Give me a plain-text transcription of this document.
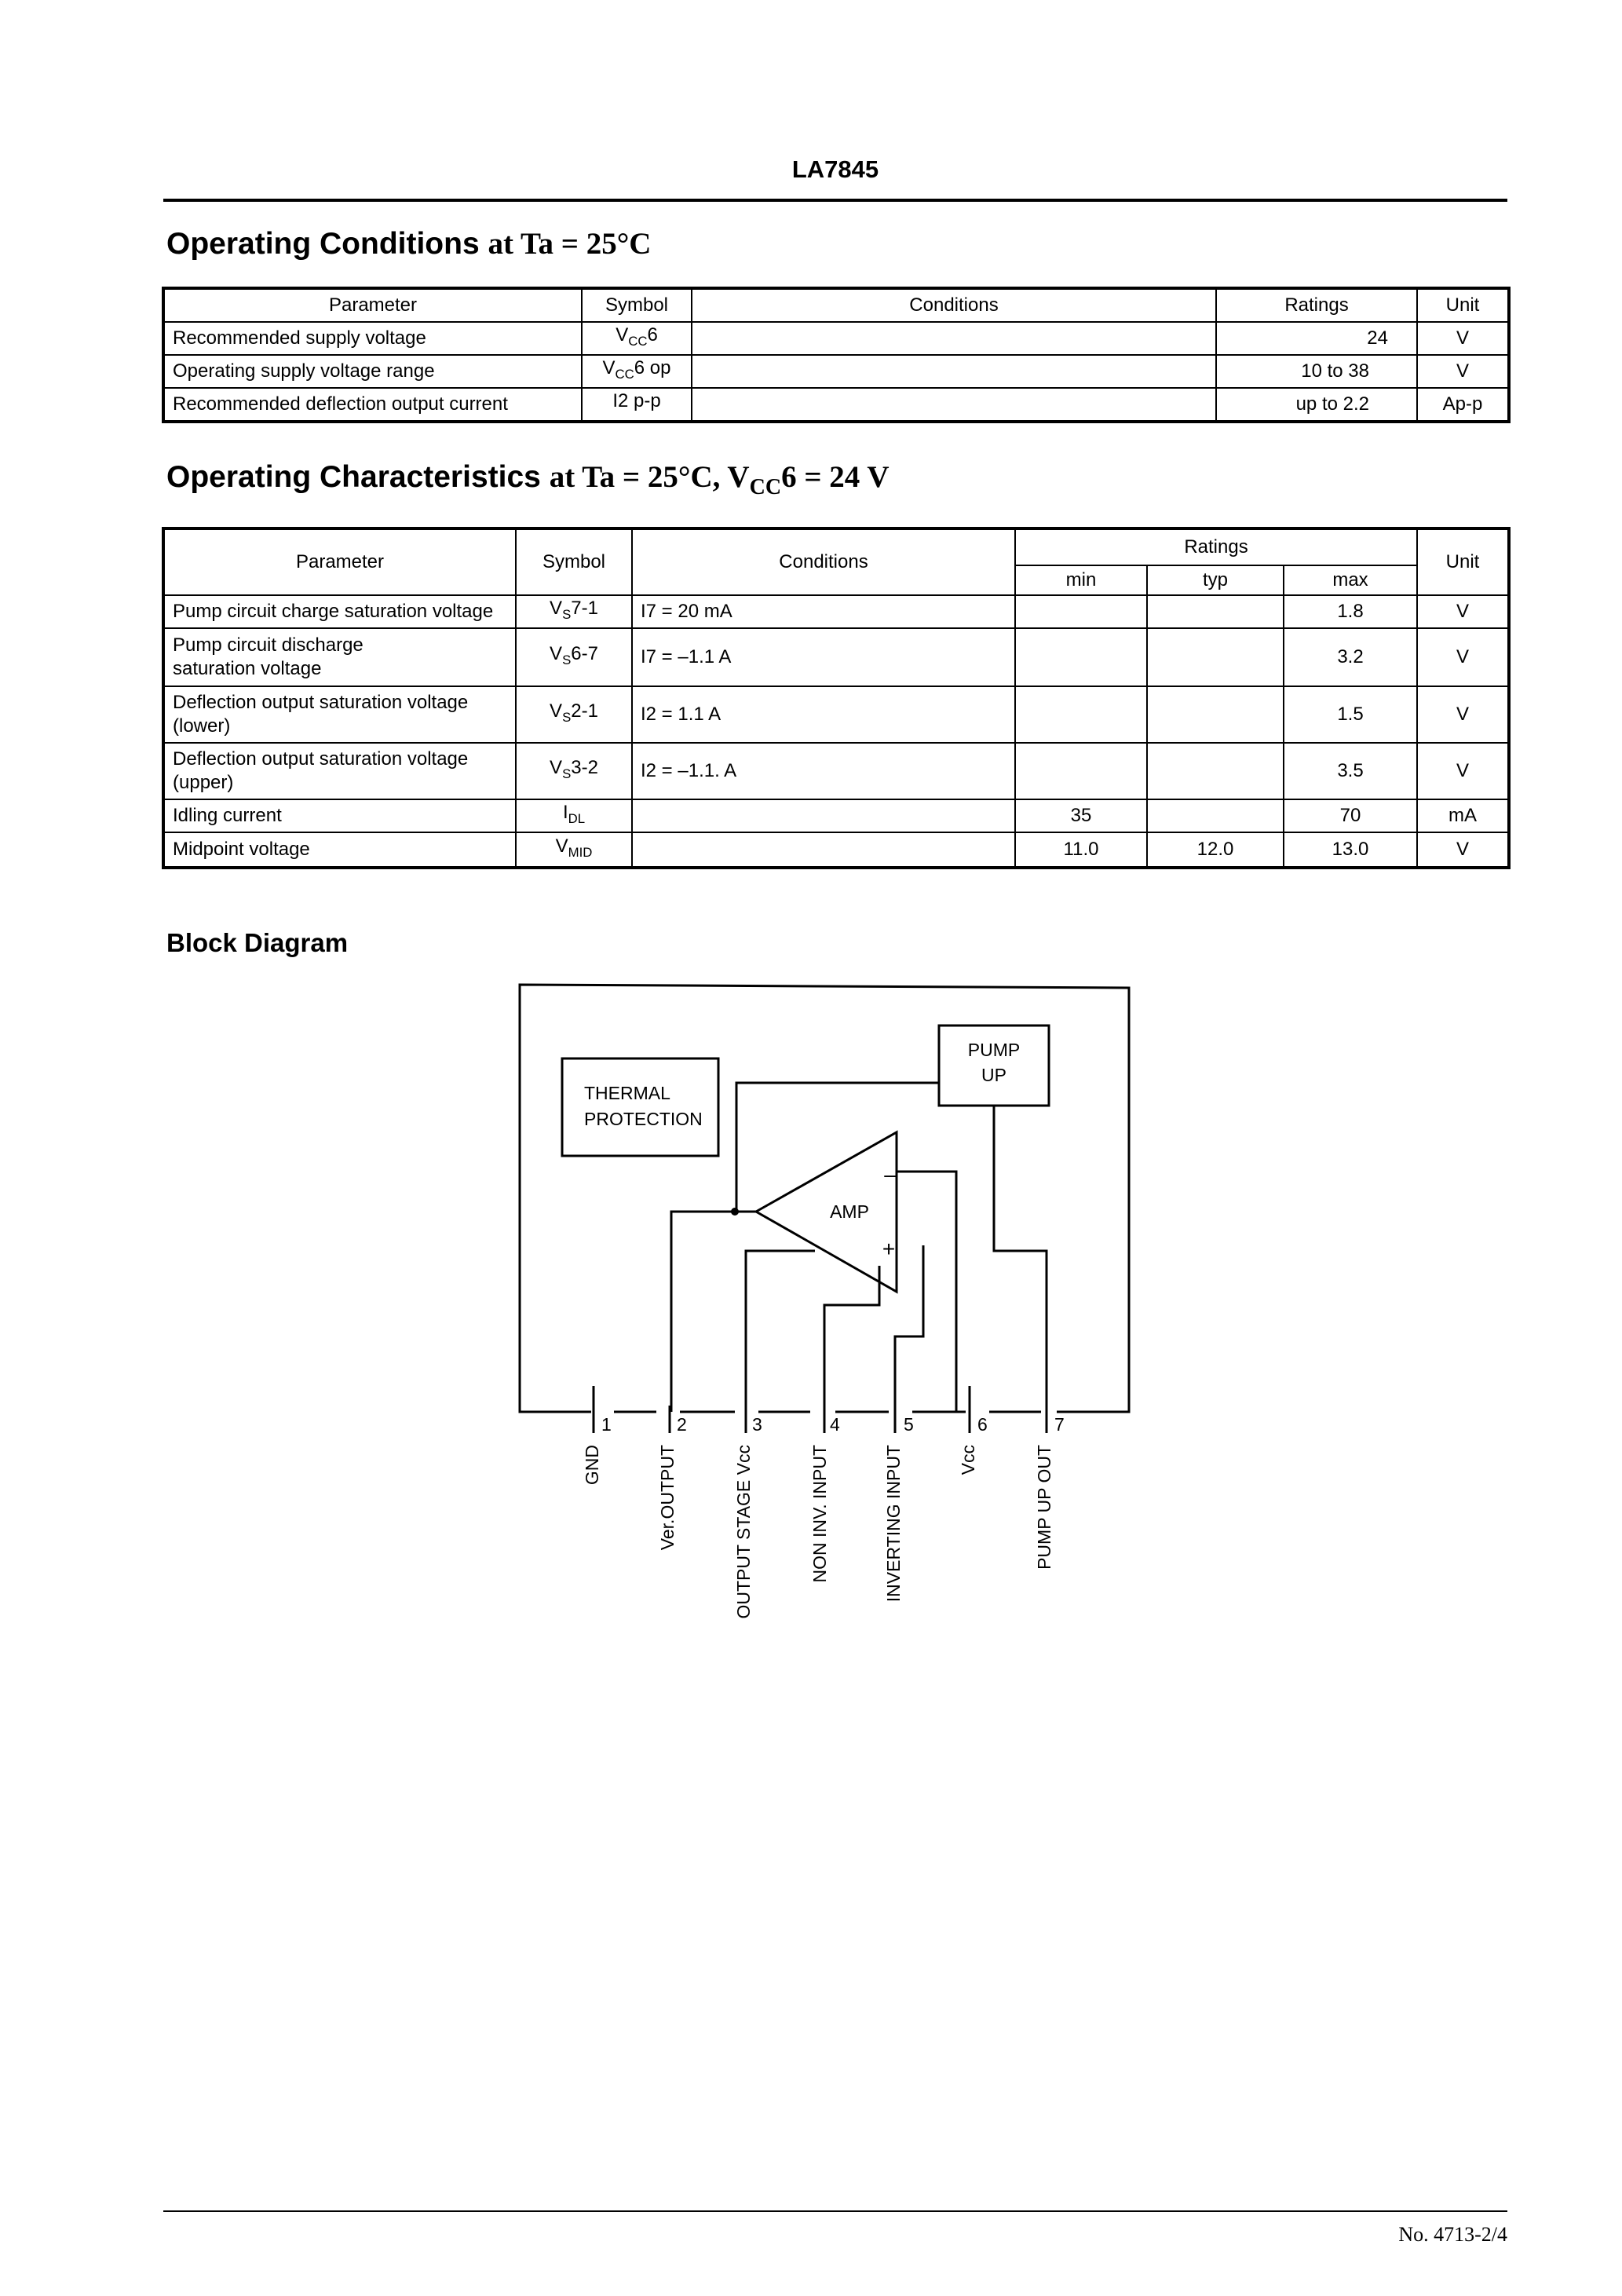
LA7845
Operating Conditions at Ta = 25°C
Parameter	Symbol	Conditions	Ratings	Unit
Recommended supply voltage	$V_{CC}6$		24	V
Operating supply voltage range	$V_{CC}6$ op		10 to 38	V
Recommended deflection output current	I2 p-p		up to 2.2	Ap-p
Operating Characteristics at Ta = 25°C, $V_{CC}6 = 24$ V
Parameter	Symbol	Conditions	Ratings			Unit
			min	typ	max	

Pump circuit charge saturation voltage	$V_S7-1$	I7 = 20 mA			1.8	V

Pump circuit discharge
saturation voltage	$V_S6-7$	I7 = –1.1 A			3.2	V

Deflection output saturation voltage
(lower)	$V_S2-1$	I2 = 1.1 A			1.5	V

Deflection output saturation voltage
(upper)	$V_S3-2$	I2 = –1.1. A			3.5	V

Idling current	$I_{DL}$		35		70	mA

Midpoint voltage	$V_{MID}$		11.0	12.0	13.0	V
Block Diagram
THERMAL
PROTECTION
PUMP
UP
AMP
–
+
1	2	3	4	5	6	7
GND	Ver.OUTPUT	OUTPUT STAGE Vcc	NON INV. INPUT	INVERTING INPUT	Vcc	PUMP UP OUT
No. 4713-2/4
